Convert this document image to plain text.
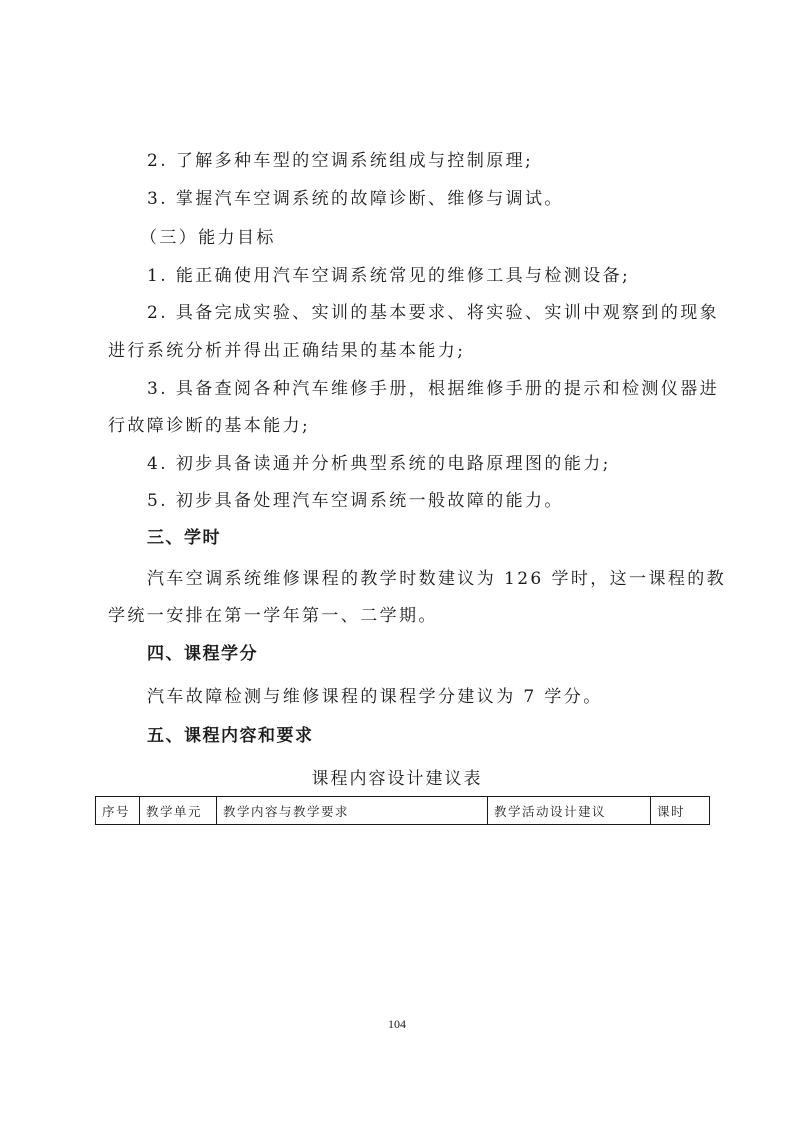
2. 了解多种车型的空调系统组成与控制原理;
3. 掌握汽车空调系统的故障诊断、维修与调试。
（三）能力目标
1. 能正确使用汽车空调系统常见的维修工具与检测设备;
2. 具备完成实验、实训的基本要求、将实验、实训中观察到的现象
进行系统分析并得出正确结果的基本能力;
3. 具备查阅各种汽车维修手册，根据维修手册的提示和检测仪器进
行故障诊断的基本能力;
4. 初步具备读通并分析典型系统的电路原理图的能力;
5. 初步具备处理汽车空调系统一般故障的能力。
三、学时
汽车空调系统维修课程的教学时数建议为 126 学时，这一课程的教
学统一安排在第一学年第一、二学期。
四、课程学分
汽车故障检测与维修课程的课程学分建议为 7 学分。
五、课程内容和要求
课程内容设计建议表
序号	教学单元	教学内容与教学要求	教学活动设计建议	课时
104
